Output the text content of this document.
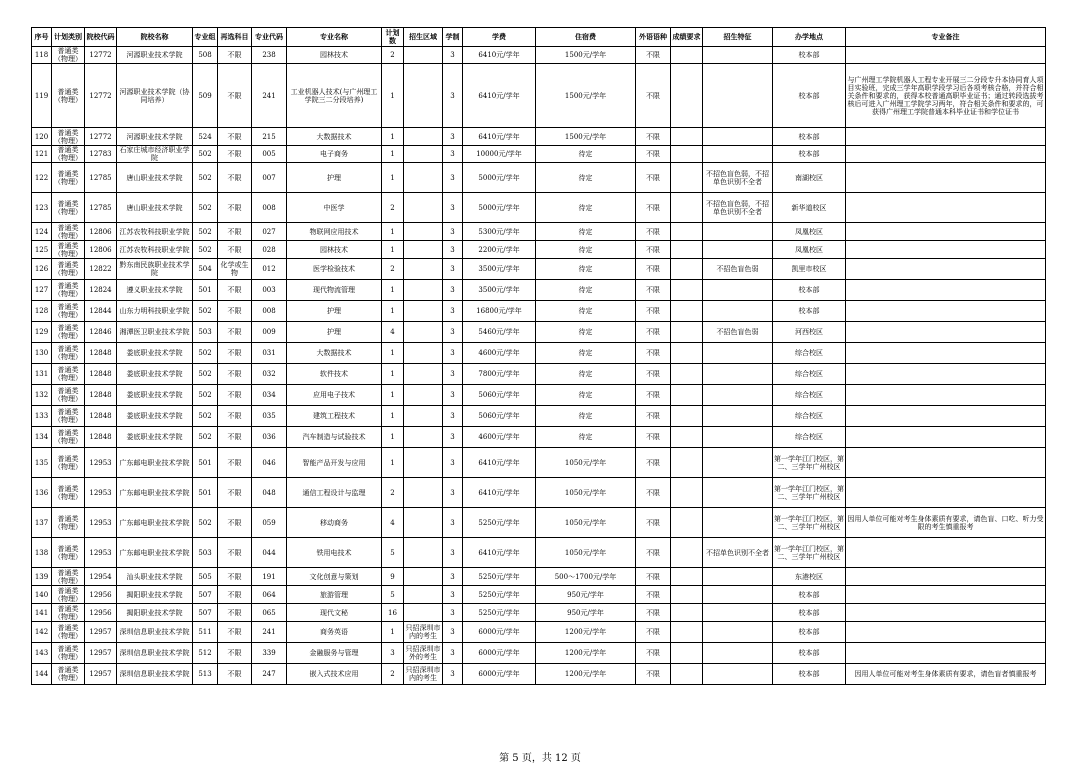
序号	计划类别	院校代码	院校名称	专业组	再选科目	专业代码	专业名称	计划数	招生区域	学制	学费	住宿费	外语语种	成绩要求	招生特征	办学地点	专业备注
118	普通类（物理）	12772	河源职业技术学院	508	不限	238	园林技术	2		3	6410元/学年	1500元/学年	不限			校本部	
119	普通类（物理）	12772	河源职业技术学院（协同培养）	509	不限	241	工业机器人技术(与广州理工学院三二分段培养)	1		3	6410元/学年	1500元/学年	不限			校本部	与广州理工学院机器人工程专业开展三二分段专升本协同育人项目实验班，完成三学年高职学段学习后各项考核合格，并符合相关条件和要求的，获得本校普通高职毕业证书；通过转段选拔考核后可进入广州理工学院学习两年，符合相关条件和要求的，可获得广州理工学院普通本科毕业证书和学位证书
120	普通类（物理）	12772	河源职业技术学院	524	不限	215	大数据技术	1		3	6410元/学年	1500元/学年	不限			校本部	
121	普通类（物理）	12783	石家庄城市经济职业学院	502	不限	005	电子商务	1		3	10000元/学年	待定	不限			校本部	
122	普通类（物理）	12785	唐山职业技术学院	502	不限	007	护理	1		3	5000元/学年	待定	不限		不招色盲色弱，不招单色识别不全者	南湖校区	
123	普通类（物理）	12785	唐山职业技术学院	502	不限	008	中医学	2		3	5000元/学年	待定	不限		不招色盲色弱，不招单色识别不全者	新华道校区	
124	普通类（物理）	12806	江苏农牧科技职业学院	502	不限	027	物联网应用技术	1		3	5300元/学年	待定	不限			凤凰校区	
125	普通类（物理）	12806	江苏农牧科技职业学院	502	不限	028	园林技术	1		3	2200元/学年	待定	不限			凤凰校区	
126	普通类（物理）	12822	黔东南民族职业技术学院	504	化学或生物	012	医学检验技术	2		3	3500元/学年	待定	不限		不招色盲色弱	凯里市校区	
127	普通类（物理）	12824	遵义职业技术学院	501	不限	003	现代物流管理	1		3	3500元/学年	待定	不限			校本部	
128	普通类（物理）	12844	山东力明科技职业学院	502	不限	008	护理	1		3	16800元/学年	待定	不限			校本部	
129	普通类（物理）	12846	湘潭医卫职业技术学院	503	不限	009	护理	4		3	5460元/学年	待定	不限		不招色盲色弱	河西校区	
130	普通类（物理）	12848	娄底职业技术学院	502	不限	031	大数据技术	1		3	4600元/学年	待定	不限			综合校区	
131	普通类（物理）	12848	娄底职业技术学院	502	不限	032	软件技术	1		3	7800元/学年	待定	不限			综合校区	
132	普通类（物理）	12848	娄底职业技术学院	502	不限	034	应用电子技术	1		3	5060元/学年	待定	不限			综合校区	
133	普通类（物理）	12848	娄底职业技术学院	502	不限	035	建筑工程技术	1		3	5060元/学年	待定	不限			综合校区	
134	普通类（物理）	12848	娄底职业技术学院	502	不限	036	汽车制造与试验技术	1		3	4600元/学年	待定	不限			综合校区	
135	普通类（物理）	12953	广东邮电职业技术学院	501	不限	046	智能产品开发与应用	1		3	6410元/学年	1050元/学年	不限			第一学年江门校区，第二、三学年广州校区	
136	普通类（物理）	12953	广东邮电职业技术学院	501	不限	048	通信工程设计与监理	2		3	6410元/学年	1050元/学年	不限			第一学年江门校区，第二、三学年广州校区	
137	普通类（物理）	12953	广东邮电职业技术学院	502	不限	059	移动商务	4		3	5250元/学年	1050元/学年	不限			第一学年江门校区，第二、三学年广州校区	因用人单位可能对考生身体素质有要求，请色盲、口吃、听力受限的考生慎重报考
138	普通类（物理）	12953	广东邮电职业技术学院	503	不限	044	铁用电技术	5		3	6410元/学年	1050元/学年	不限		不招单色识别不全者	第一学年江门校区，第二、三学年广州校区	
139	普通类（物理）	12954	汕头职业技术学院	505	不限	191	文化创意与策划	9		3	5250元/学年	500～1700元/学年	不限			东港校区	
140	普通类（物理）	12956	揭阳职业技术学院	507	不限	064	旅游管理	5		3	5250元/学年	950元/学年	不限			校本部	
141	普通类（物理）	12956	揭阳职业技术学院	507	不限	065	现代文秘	16		3	5250元/学年	950元/学年	不限			校本部	
142	普通类（物理）	12957	深圳信息职业技术学院	511	不限	241	商务英语	1	只招深圳市内的考生	3	6000元/学年	1200元/学年	不限			校本部	
143	普通类（物理）	12957	深圳信息职业技术学院	512	不限	339	金融服务与管理	3	只招深圳市外的考生	3	6000元/学年	1200元/学年	不限			校本部	
144	普通类（物理）	12957	深圳信息职业技术学院	513	不限	247	嵌入式技术应用	2	只招深圳市内的考生	3	6000元/学年	1200元/学年	不限			校本部	因用人单位可能对考生身体素质有要求，请色盲者慎重报考
第 5 页，共 12 页
